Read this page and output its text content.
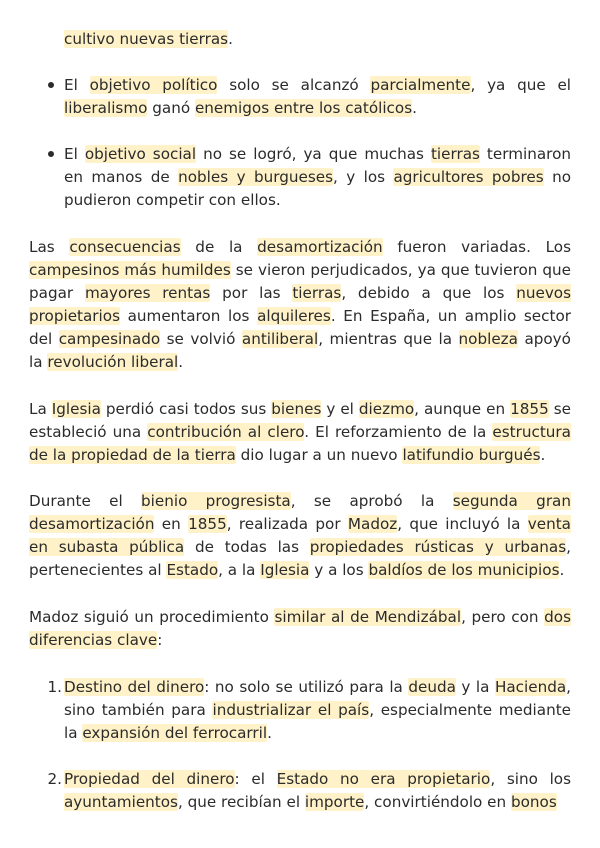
cultivo nuevas tierras.

El objetivo político solo se alcanzó parcialmente, ya que el liberalismo ganó enemigos entre los católicos.

El objetivo social no se logró, ya que muchas tierras terminaron en manos de nobles y burgueses, y los agricultores pobres no pudieron competir con ellos.

Las consecuencias de la desamortización fueron variadas. Los campesinos más humildes se vieron perjudicados, ya que tuvieron que pagar mayores rentas por las tierras, debido a que los nuevos propietarios aumentaron los alquileres. En España, un amplio sector del campesinado se volvió antiliberal, mientras que la nobleza apoyó la revolución liberal.

La Iglesia perdió casi todos sus bienes y el diezmo, aunque en 1855 se estableció una contribución al clero. El reforzamiento de la estructura de la propiedad de la tierra dio lugar a un nuevo latifundio burgués.

Durante el bienio progresista, se aprobó la segunda gran desamortización en 1855, realizada por Madoz, que incluyó la venta en subasta pública de todas las propiedades rústicas y urbanas, pertenecientes al Estado, a la Iglesia y a los baldíos de los municipios.

Madoz siguió un procedimiento similar al de Mendizábal, pero con dos diferencias clave:

1. Destino del dinero: no solo se utilizó para la deuda y la Hacienda, sino también para industrializar el país, especialmente mediante la expansión del ferrocarril.

2. Propiedad del dinero: el Estado no era propietario, sino los ayuntamientos, que recibían el importe, convirtiéndolo en bonos
